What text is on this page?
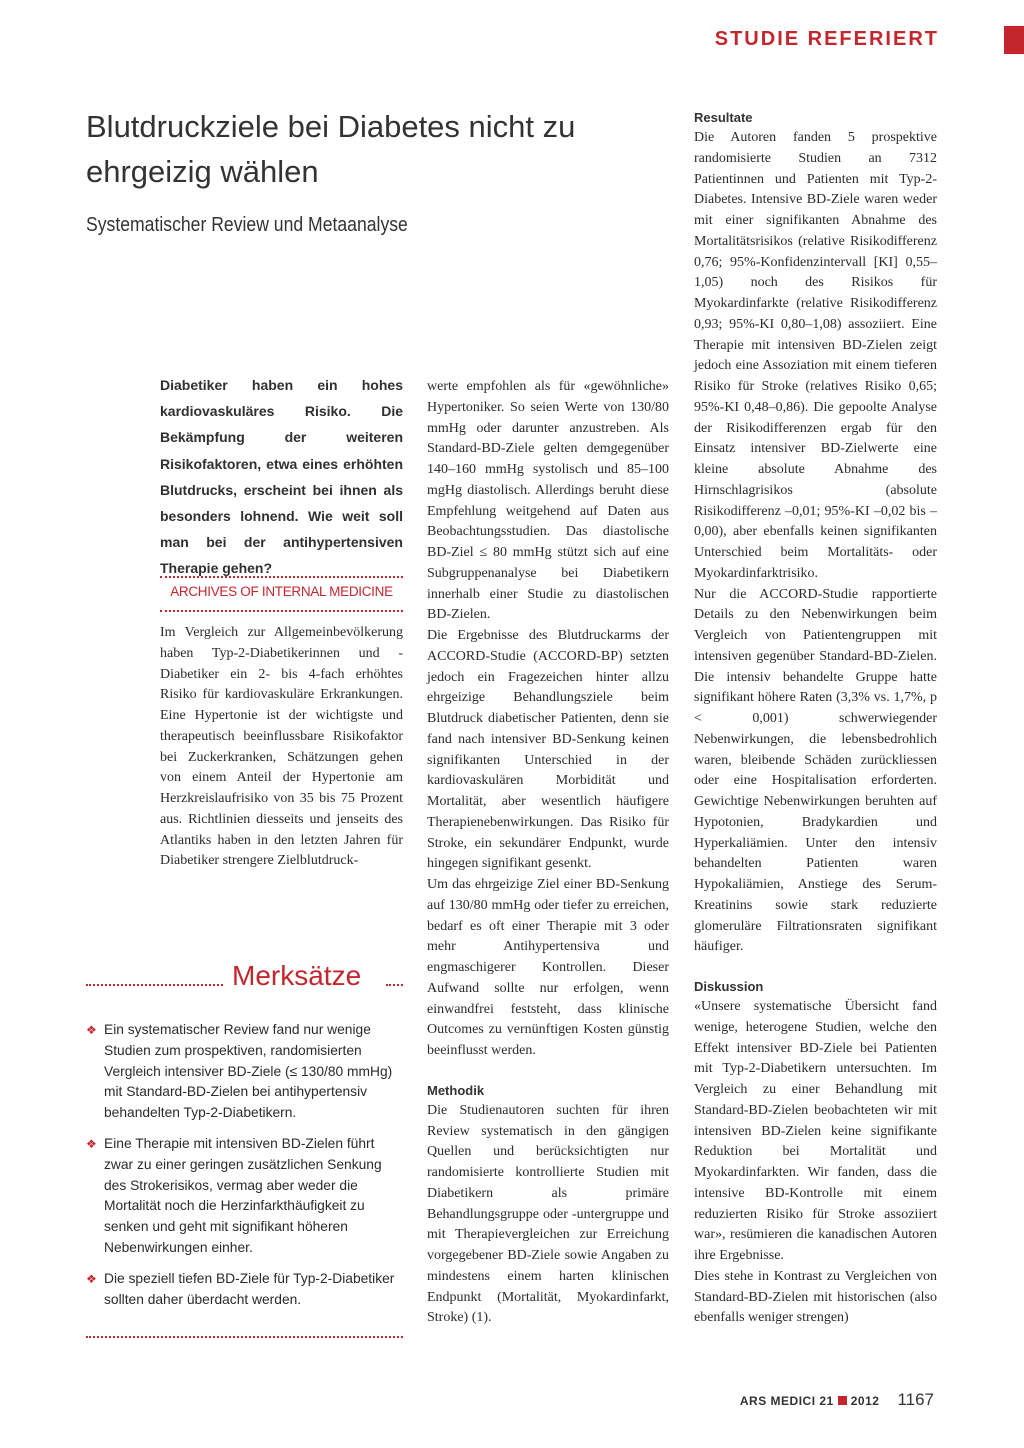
STUDIE REFERIERT
Blutdruckziele bei Diabetes nicht zu ehrgeizig wählen
Systematischer Review und Metaanalyse
Diabetiker haben ein hohes kardiovaskuläres Risiko. Die Bekämpfung der weiteren Risikofaktoren, etwa eines erhöhten Blutdrucks, erscheint bei ihnen als besonders lohnend. Wie weit soll man bei der antihypertensiven Therapie gehen?
ARCHIVES OF INTERNAL MEDICINE

Im Vergleich zur Allgemeinbevölkerung haben Typ-2-Diabetikerinnen und -Diabetiker ein 2- bis 4-fach erhöhtes Risiko für kardiovaskuläre Erkrankungen. Eine Hypertonie ist der wichtigste und therapeutisch beeinflussbare Risikofaktor bei Zuckerkranken, Schätzungen gehen von einem Anteil der Hypertonie am Herzkreislaufrisiko von 35 bis 75 Prozent aus. Richtlinien diesseits und jenseits des Atlantiks haben in den letzten Jahren für Diabetiker strengere Zielblutdruck-

Merksätze
❖ Ein systematischer Review fand nur wenige Studien zum prospektiven, randomisierten Vergleich intensiver BD-Ziele (≤ 130/80 mmHg) mit Standard-BD-Zielen bei antihypertensiv behandelten Typ-2-Diabetikern.
❖ Eine Therapie mit intensiven BD-Zielen führt zwar zu einer geringen zusätzlichen Senkung des Strokerisikos, vermag aber weder die Mortalität noch die Herzinfarkthäufigkeit zu senken und geht mit signifikant höheren Nebenwirkungen einher.
❖ Die speziell tiefen BD-Ziele für Typ-2-Diabetiker sollten daher überdacht werden.

werte empfohlen als für «gewöhnliche» Hypertoniker. So seien Werte von 130/80 mmHg oder darunter anzustreben. Als Standard-BD-Ziele gelten demgegenüber 140–160 mmHg systolisch und 85–100 mgHg diastolisch. Allerdings beruht diese Empfehlung weitgehend auf Daten aus Beobachtungsstudien. Das diastolische BD-Ziel ≤ 80 mmHg stützt sich auf eine Subgruppenanalyse bei Diabetikern innerhalb einer Studie zu diastolischen BD-Zielen.

Die Ergebnisse des Blutdruckarms der ACCORD-Studie (ACCORD-BP) setzten jedoch ein Fragezeichen hinter allzu ehrgeizige Behandlungsziele beim Blutdruck diabetischer Patienten, denn sie fand nach intensiver BD-Senkung keinen signifikanten Unterschied in der kardiovaskulären Morbidität und Mortalität, aber wesentlich häufigere Therapienebenwirkungen. Das Risiko für Stroke, ein sekundärer Endpunkt, wurde hingegen signifikant gesenkt.

Um das ehrgeizige Ziel einer BD-Senkung auf 130/80 mmHg oder tiefer zu erreichen, bedarf es oft einer Therapie mit 3 oder mehr Antihypertensiva und engmaschigerer Kontrollen. Dieser Aufwand sollte nur erfolgen, wenn einwandfrei feststeht, dass klinische Outcomes zu vernünftigen Kosten günstig beeinflusst werden.

Methodik

Die Studienautoren suchten für ihren Review systematisch in den gängigen Quellen und berücksichtigten nur randomisierte kontrollierte Studien mit Diabetikern als primäre Behandlungsgruppe oder -untergruppe und mit Therapievergleichen zur Erreichung vorgegebener BD-Ziele sowie Angaben zu mindestens einem harten klinischen Endpunkt (Mortalität, Myokardinfarkt, Stroke) (1).

Resultate

Die Autoren fanden 5 prospektive randomisierte Studien an 7312 Patientinnen und Patienten mit Typ-2-Diabetes. Intensive BD-Ziele waren weder mit einer signifikanten Abnahme des Mortalitätsrisikos (relative Risikodifferenz 0,76; 95%-Konfidenzintervall [KI] 0,55– 1,05) noch des Risikos für Myokardinfarkte (relative Risikodifferenz 0,93; 95%-KI 0,80–1,08) assoziiert. Eine Therapie mit intensiven BD-Zielen zeigt jedoch eine Assoziation mit einem tieferen Risiko für Stroke (relatives Risiko 0,65; 95%-KI 0,48–0,86). Die gepoolte Analyse der Risikodifferenzen ergab für den Einsatz intensiver BD-Zielwerte eine kleine absolute Abnahme des Hirnschlagrisikos (absolute Risikodifferenz –0,01; 95%-KI –0,02 bis –0,00), aber ebenfalls keinen signifikanten Unterschied beim Mortalitäts- oder Myokardinfarktrisiko.

Nur die ACCORD-Studie rapportierte Details zu den Nebenwirkungen beim Vergleich von Patientengruppen mit intensiven gegenüber Standard-BD-Zielen. Die intensiv behandelte Gruppe hatte signifikant höhere Raten (3,3% vs. 1,7%, p < 0,001) schwerwiegender Nebenwirkungen, die lebensbedrohlich waren, bleibende Schäden zurückliessen oder eine Hospitalisation erforderten. Gewichtige Nebenwirkungen beruhten auf Hypotonien, Bradykardien und Hyperkaliämien. Unter den intensiv behandelten Patienten waren Hypokaliämien, Anstiege des Serum-Kreatinins sowie stark reduzierte glomeruläre Filtrationsraten signifikant häufiger.

Diskussion

«Unsere systematische Übersicht fand wenige, heterogene Studien, welche den Effekt intensiver BD-Ziele bei Patienten mit Typ-2-Diabetikern untersuchten. Im Vergleich zu einer Behandlung mit Standard-BD-Zielen beobachteten wir mit intensiven BD-Zielen keine signifikante Reduktion bei Mortalität und Myokardinfarkten. Wir fanden, dass die intensive BD-Kontrolle mit einem reduzierten Risiko für Stroke assoziiert war», resümieren die kanadischen Autoren ihre Ergebnisse.

Dies stehe in Kontrast zu Vergleichen von Standard-BD-Zielen mit historischen (also ebenfalls weniger strengen)

ARS MEDICI 21 2012 1167
